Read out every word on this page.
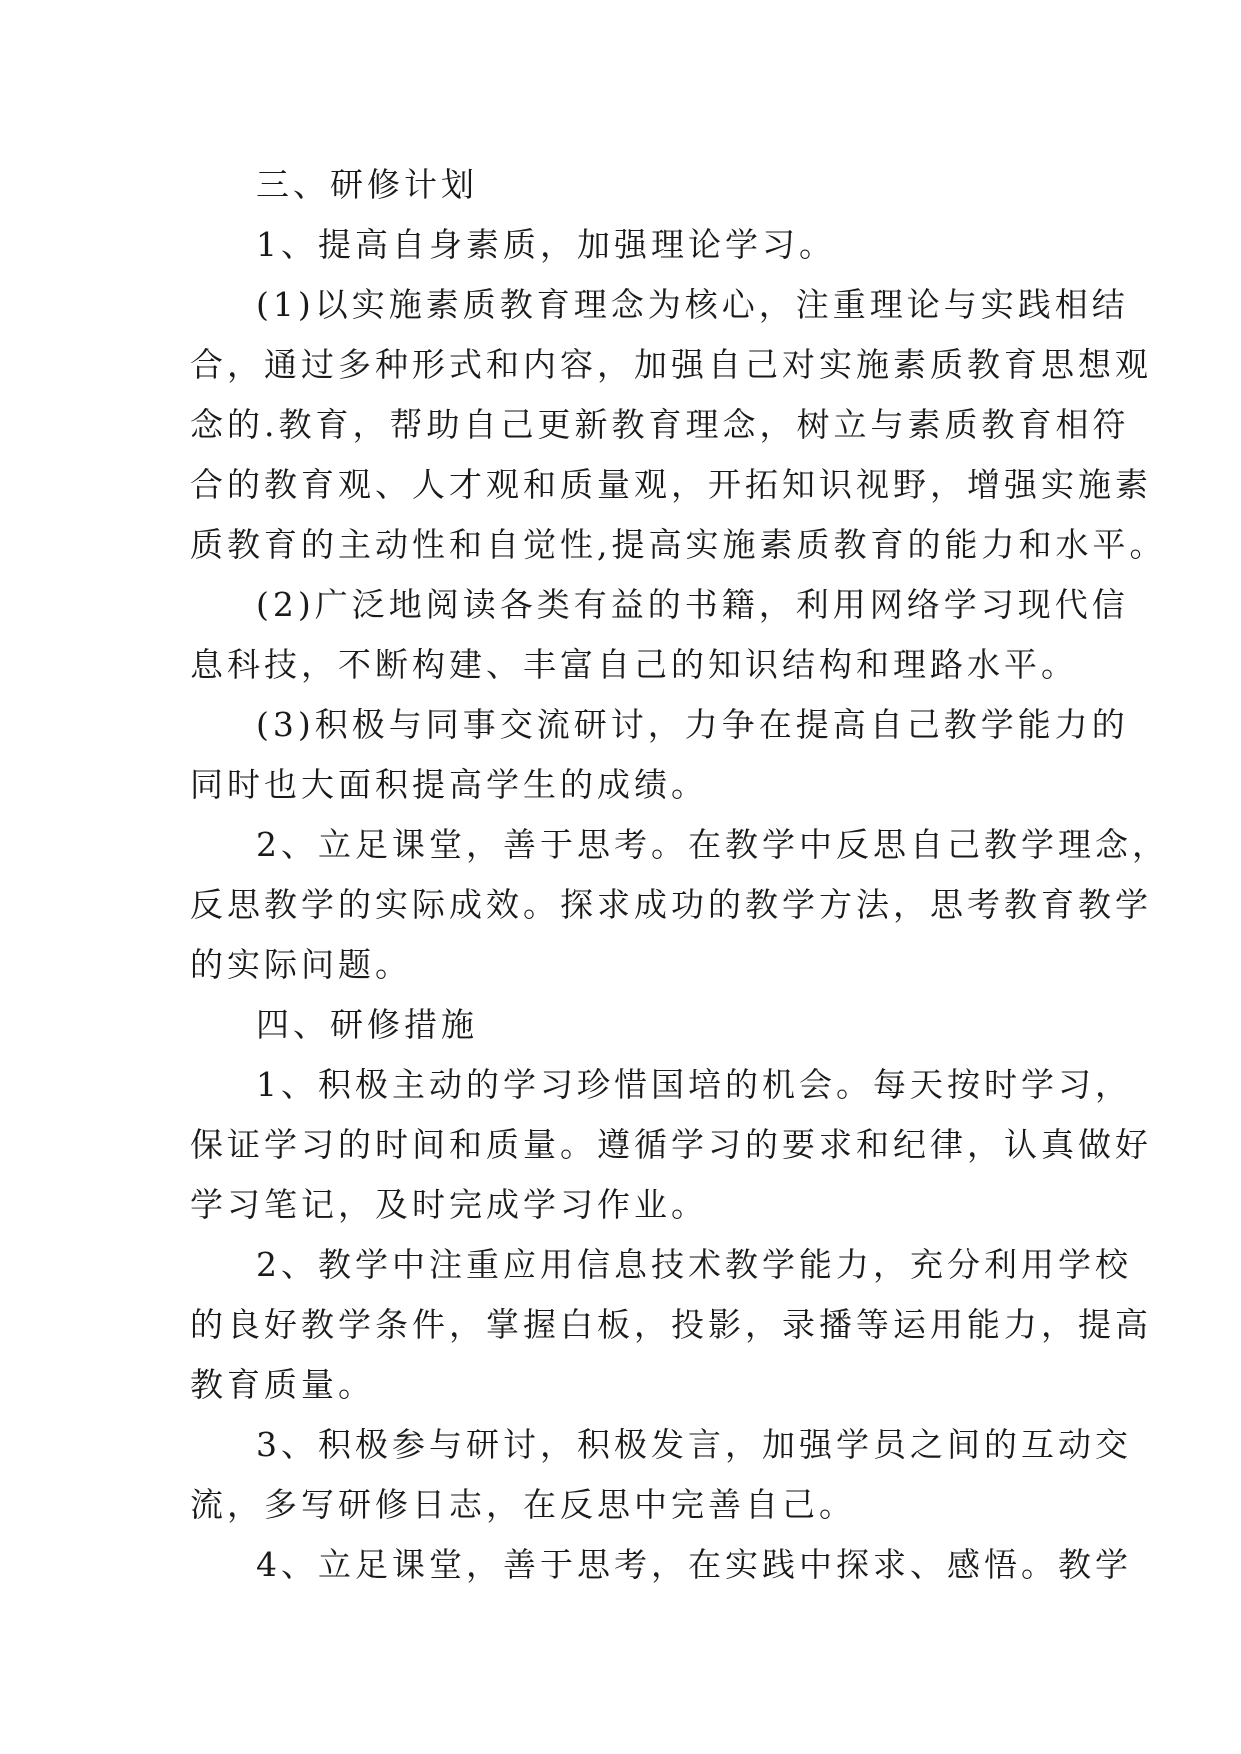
三、研修计划

1、提高自身素质，加强理论学习。

(1)以实施素质教育理念为核心，注重理论与实践相结

合，通过多种形式和内容，加强自己对实施素质教育思想观

念的.教育，帮助自己更新教育理念，树立与素质教育相符

合的教育观、人才观和质量观，开拓知识视野，增强实施素

质教育的主动性和自觉性,提高实施素质教育的能力和水平。

(2)广泛地阅读各类有益的书籍，利用网络学习现代信

息科技，不断构建、丰富自己的知识结构和理路水平。

(3)积极与同事交流研讨，力争在提高自己教学能力的

同时也大面积提高学生的成绩。

2、立足课堂，善于思考。在教学中反思自己教学理念，

反思教学的实际成效。探求成功的教学方法，思考教育教学

的实际问题。

四、研修措施

1、积极主动的学习珍惜国培的机会。每天按时学习，

保证学习的时间和质量。遵循学习的要求和纪律，认真做好

学习笔记，及时完成学习作业。

2、教学中注重应用信息技术教学能力，充分利用学校

的良好教学条件，掌握白板，投影，录播等运用能力，提高

教育质量。

3、积极参与研讨，积极发言，加强学员之间的互动交

流，多写研修日志，在反思中完善自己。

4、立足课堂，善于思考，在实践中探求、感悟。教学
